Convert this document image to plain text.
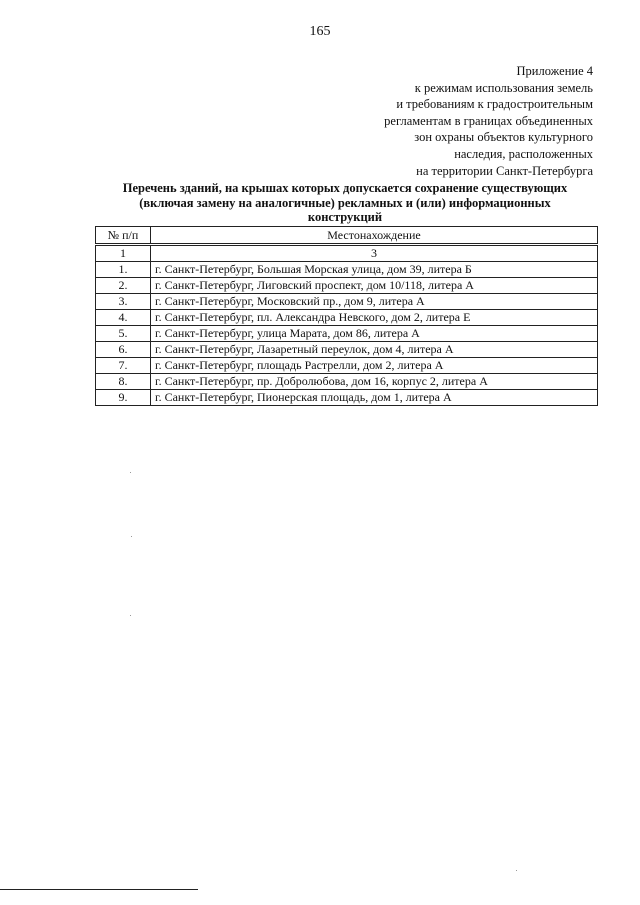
165
Приложение 4
к режимам использования земель
и требованиям к градостроительным
регламентам в границах объединенных
зон охраны объектов культурного
наследия, расположенных
на территории Санкт-Петербурга
Перечень зданий, на крышах которых допускается сохранение существующих
(включая замену на аналогичные) рекламных и (или) информационных
конструкций
№ п/п	Местонахождение
1	3
1.	г. Санкт-Петербург, Большая Морская улица, дом 39, литера Б
2.	г. Санкт-Петербург, Лиговский проспект, дом 10/118, литера А
3.	г. Санкт-Петербург, Московский пр., дом 9, литера А
4.	г. Санкт-Петербург, пл. Александра Невского, дом 2, литера Е
5.	г. Санкт-Петербург, улица Марата, дом 86, литера А
6.	г. Санкт-Петербург, Лазаретный переулок, дом 4, литера А
7.	г. Санкт-Петербург, площадь Растрелли, дом 2, литера А
8.	г. Санкт-Петербург, пр. Добролюбова, дом 16, корпус 2, литера А
9.	г. Санкт-Петербург, Пионерская площадь, дом 1, литера А
